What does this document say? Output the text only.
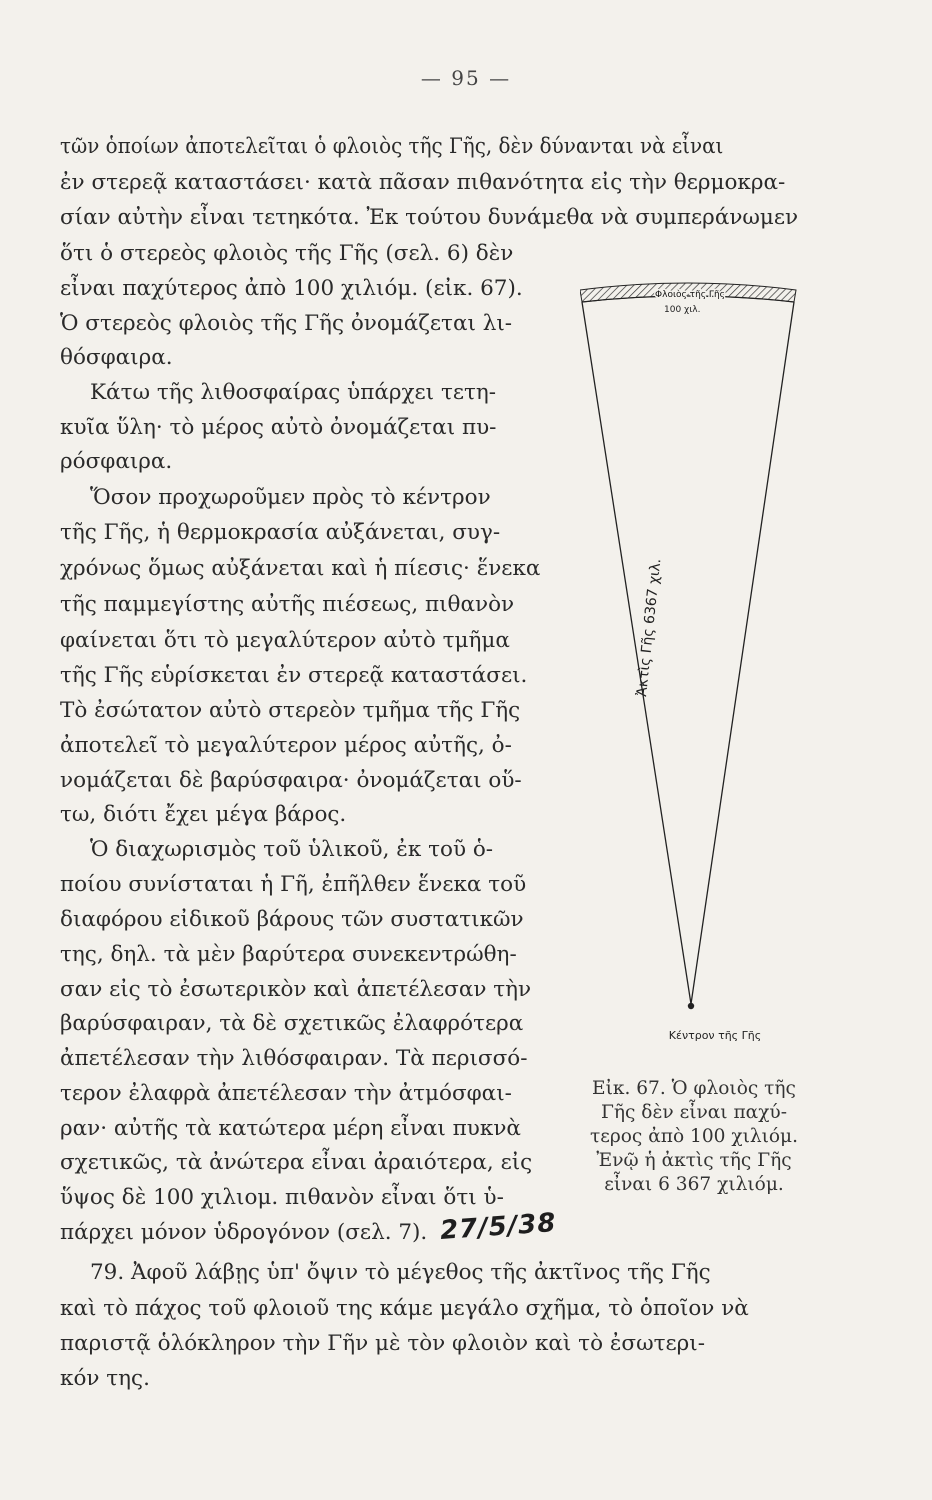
— 95 —
τῶν ὁποίων ἀποτελεῖται ὁ φλοιὸς τῆς Γῆς, δὲν δύνανται νὰ εἶναι
ἐν στερεᾷ καταστάσει· κατὰ πᾶσαν πιθανότητα εἰς τὴν θερμοκρα-
σίαν αὐτὴν εἶναι τετηκότα. Ἐκ τούτου δυνάμεθα νὰ συμπεράνωμεν
ὅτι ὁ στερεὸς φλοιὸς τῆς Γῆς (σελ. 6) δὲν
εἶναι παχύτερος ἀπὸ 100 χιλιόμ. (εἰκ. 67).
Ὁ στερεὸς φλοιὸς τῆς Γῆς ὀνομάζεται λι-
θόσφαιρα.
Κάτω τῆς λιθοσφαίρας ὑπάρχει τετη-
κυῖα ὕλη· τὸ μέρος αὐτὸ ὀνομάζεται πυ-
ρόσφαιρα.
Ὅσον προχωροῦμεν πρὸς τὸ κέντρον
τῆς Γῆς, ἡ θερμοκρασία αὐξάνεται, συγ-
χρόνως ὅμως αὐξάνεται καὶ ἡ πίεσις· ἕνεκα
τῆς παμμεγίστης αὐτῆς πιέσεως, πιθανὸν
φαίνεται ὅτι τὸ μεγαλύτερον αὐτὸ τμῆμα
τῆς Γῆς εὑρίσκεται ἐν στερεᾷ καταστάσει.
Τὸ ἐσώτατον αὐτὸ στερεὸν τμῆμα τῆς Γῆς
ἀποτελεῖ τὸ μεγαλύτερον μέρος αὐτῆς, ὀ-
νομάζεται δὲ βαρύσφαιρα· ὀνομάζεται οὕ-
τω, διότι ἔχει μέγα βάρος.
Ὁ διαχωρισμὸς τοῦ ὑλικοῦ, ἐκ τοῦ ὁ-
ποίου συνίσταται ἡ Γῆ, ἐπῆλθεν ἕνεκα τοῦ
διαφόρου εἰδικοῦ βάρους τῶν συστατικῶν
της, δηλ. τὰ μὲν βαρύτερα συνεκεντρώθη-
σαν εἰς τὸ ἐσωτερικὸν καὶ ἀπετέλεσαν τὴν
βαρύσφαιραν, τὰ δὲ σχετικῶς ἐλαφρότερα
ἀπετέλεσαν τὴν λιθόσφαιραν. Τὰ περισσό-
τερον ἐλαφρὰ ἀπετέλεσαν τὴν ἀτμόσφαι-
ραν· αὐτῆς τὰ κατώτερα μέρη εἶναι πυκνὰ
σχετικῶς, τὰ ἀνώτερα εἶναι ἀραιότερα, εἰς
ὕψος δὲ 100 χιλιομ. πιθανὸν εἶναι ὅτι ὑ-
πάρχει μόνον ὑδρογόνον (σελ. 7).
79. Ἀφοῦ λάβῃς ὑπ' ὄψιν τὸ μέγεθος τῆς ἀκτῖνος τῆς Γῆς
καὶ τὸ πάχος τοῦ φλοιοῦ της κάμε μεγάλο σχῆμα, τὸ ὁποῖον νὰ
παριστᾷ ὁλόκληρον τὴν Γῆν μὲ τὸν φλοιὸν καὶ τὸ ἐσωτερι-
κόν της.
27/5/38
Φλοιὸς τῆς Γῆς
100 χιλ.
Ἀκτὶς Γῆς 6367 χιλ.
Κέντρον τῆς Γῆς
Εἰκ. 67. Ὁ φλοιὸς τῆς
Γῆς δὲν εἶναι παχύ-
τερος ἀπὸ 100 χιλιόμ.
Ἐνῷ ἡ ἀκτὶς τῆς Γῆς
εἶναι 6 367 χιλιόμ.
